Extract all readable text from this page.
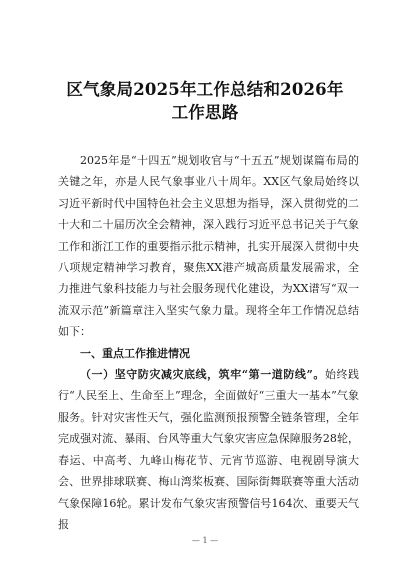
区气象局2025年工作总结和2026年工作思路

2025年是“十四五”规划收官与“十五五”规划谋篇布局的关键之年，亦是人民气象事业八十周年。XX区气象局始终以习近平新时代中国特色社会主义思想为指导，深入贯彻党的二十大和二十届历次全会精神，深入践行习近平总书记关于气象工作和浙江工作的重要指示批示精神，扎实开展深入贯彻中央八项规定精神学习教育，聚焦XX港产城高质量发展需求，全力推进气象科技能力与社会服务现代化建设，为XX谱写“双一流双示范”新篇章注入坚实气象力量。现将全年工作情况总结如下：

一、重点工作推进情况

（一）坚守防灾减灾底线，筑牢“第一道防线”。始终践行“人民至上、生命至上”理念，全面做好“三重大一基本”气象服务。针对灾害性天气，强化监测预报预警全链条管理，全年完成强对流、暴雨、台风等重大气象灾害应急保障服务28轮，春运、中高考、九峰山梅花节、元宵节巡游、电视剧导演大会、世界排球联赛、梅山湾桨板赛、国际街舞联赛等重大活动气象保障16轮。累计发布气象灾害预警信号164次、重要天气报

— 1 —
